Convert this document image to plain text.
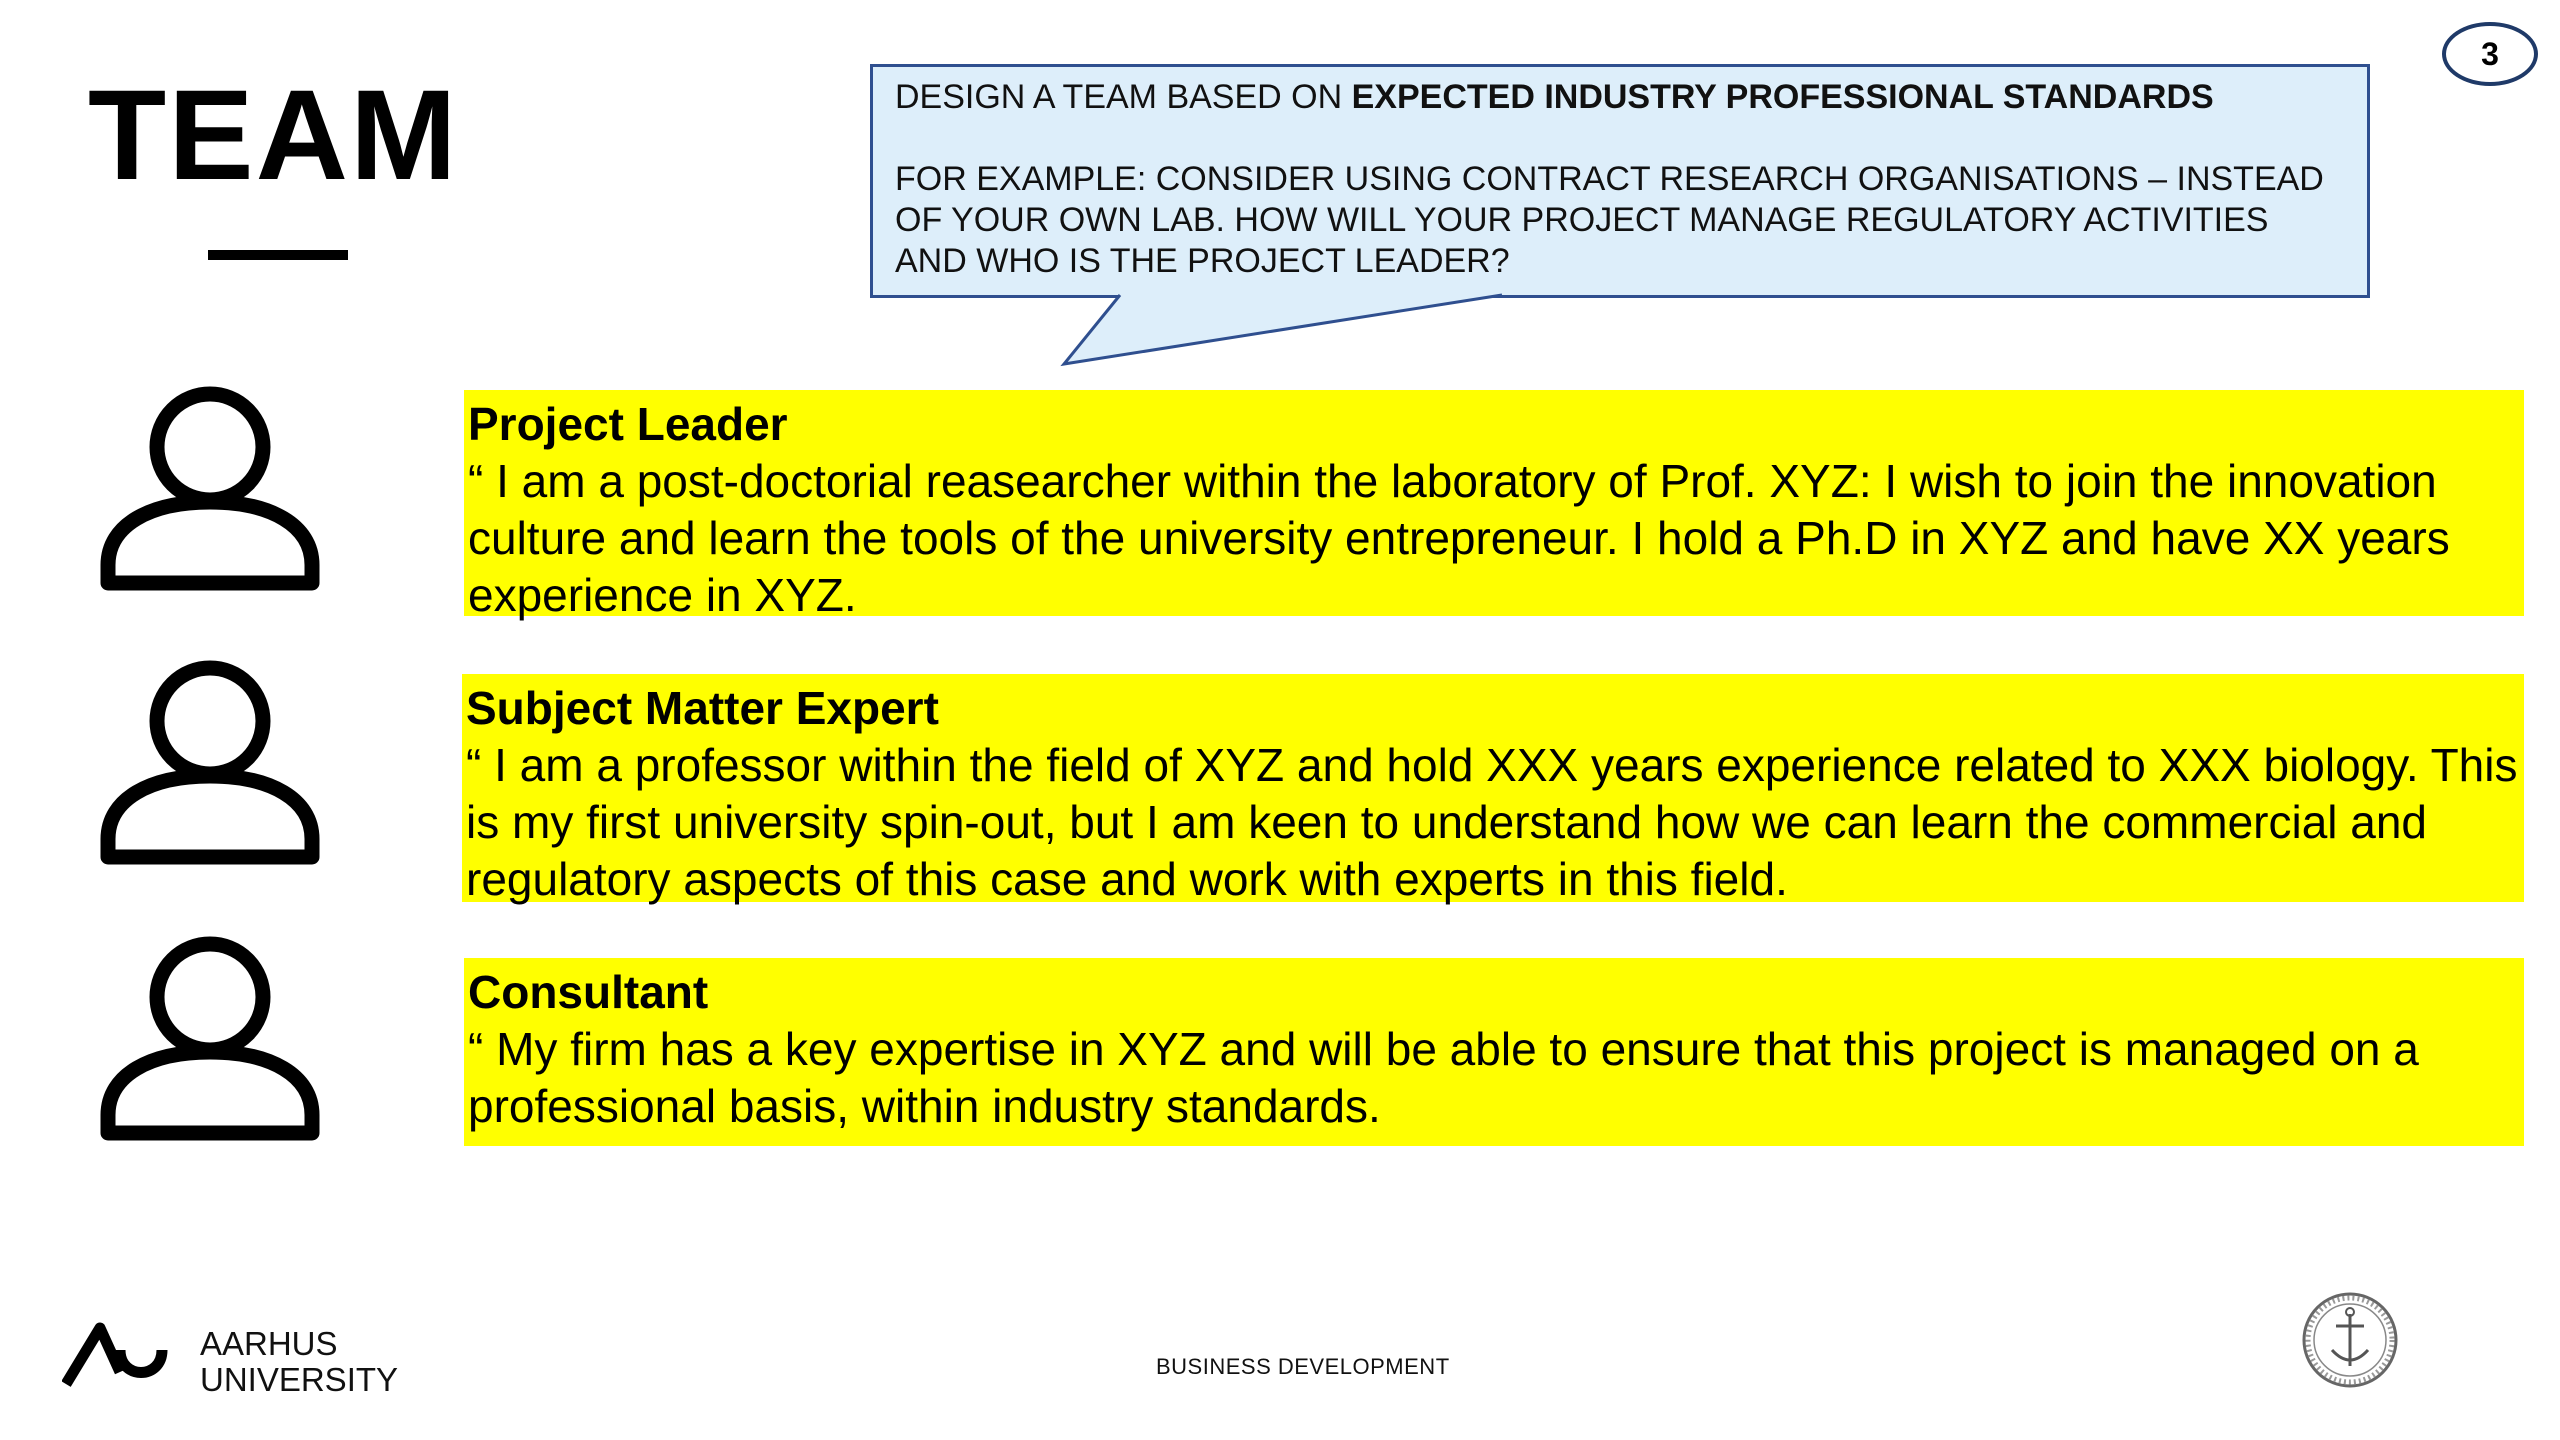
TEAM
3

DESIGN A TEAM BASED ON EXPECTED INDUSTRY PROFESSIONAL STANDARDS

FOR EXAMPLE: CONSIDER USING CONTRACT RESEARCH ORGANISATIONS – INSTEAD OF YOUR OWN LAB. HOW WILL YOUR PROJECT MANAGE REGULATORY ACTIVITIES AND WHO IS THE PROJECT LEADER?

Project Leader
“ I am a post-doctorial reasearcher within the laboratory of Prof. XYZ: I wish to join the innovation culture and learn the tools of the university entrepreneur. I hold a Ph.D in XYZ and have XX years experience in XYZ.
Subject Matter Expert
“ I am a professor within the field of XYZ and hold XXX years experience related to XXX biology. This is my first university spin-out, but I am keen to understand how we can learn the commercial and regulatory aspects of this case and work with experts in this field.
Consultant
“ My firm has a key expertise in XYZ and will be able to ensure that this project is managed on a professional basis, within industry standards.
AARHUS
UNIVERSITY	BUSINESS DEVELOPMENT
